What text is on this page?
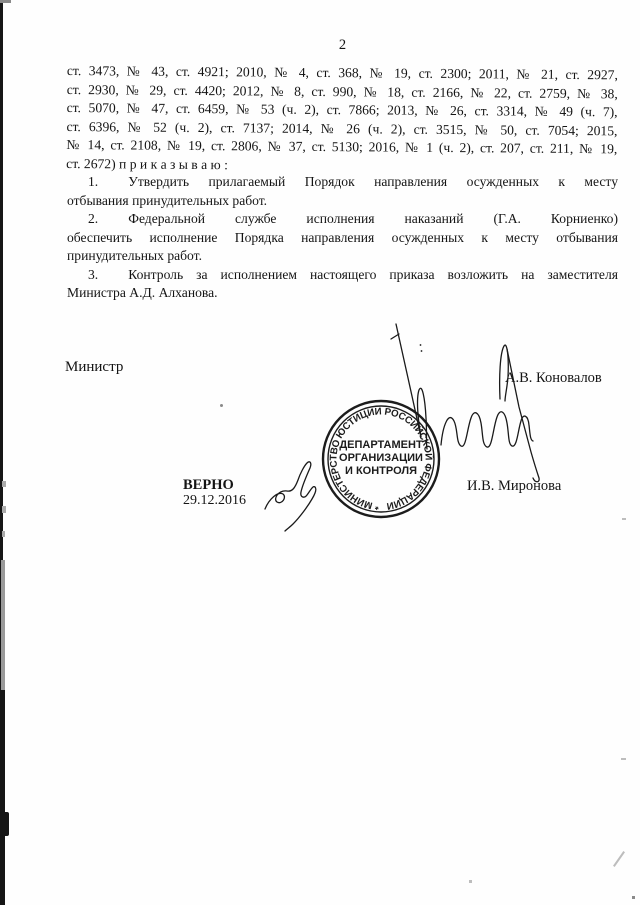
2
ст. 3473, № 43, ст. 4921; 2010, № 4, ст. 368, № 19, ст. 2300; 2011, № 21, ст. 2927,
ст. 2930, № 29, ст. 4420; 2012, № 8, ст. 990, № 18, ст. 2166, № 22, ст. 2759, № 38,
ст. 5070, № 47, ст. 6459, № 53 (ч. 2), ст. 7866; 2013, № 26, ст. 3314, № 49 (ч. 7),
ст. 6396, № 52 (ч. 2), ст. 7137; 2014, № 26 (ч. 2), ст. 3515, № 50, ст. 7054; 2015,
№ 14, ст. 2108, № 19, ст. 2806, № 37, ст. 5130; 2016, № 1 (ч. 2), ст. 207, ст. 211, № 19,
ст. 2672) п р и к а з ы в а ю :
1. Утвердить прилагаемый Порядок направления осужденных к месту
отбывания принудительных работ.
2. Федеральной службе исполнения наказаний (Г.А. Корниенко)
обеспечить исполнение Порядка направления осужденных к месту отбывания
принудительных работ.
3. Контроль за исполнением настоящего приказа возложить на заместителя
Министра А.Д. Алханова.
Министр
А.В. Коновалов
ВЕРНО
29.12.2016
И.В. Миронова
* МИНИСТЕРСТВО ЮСТИЦИИ РОССИЙСКОЙ ФЕДЕРАЦИИ
ДЕПАРТАМЕНТ
ОРГАНИЗАЦИИ
И КОНТРОЛЯ
